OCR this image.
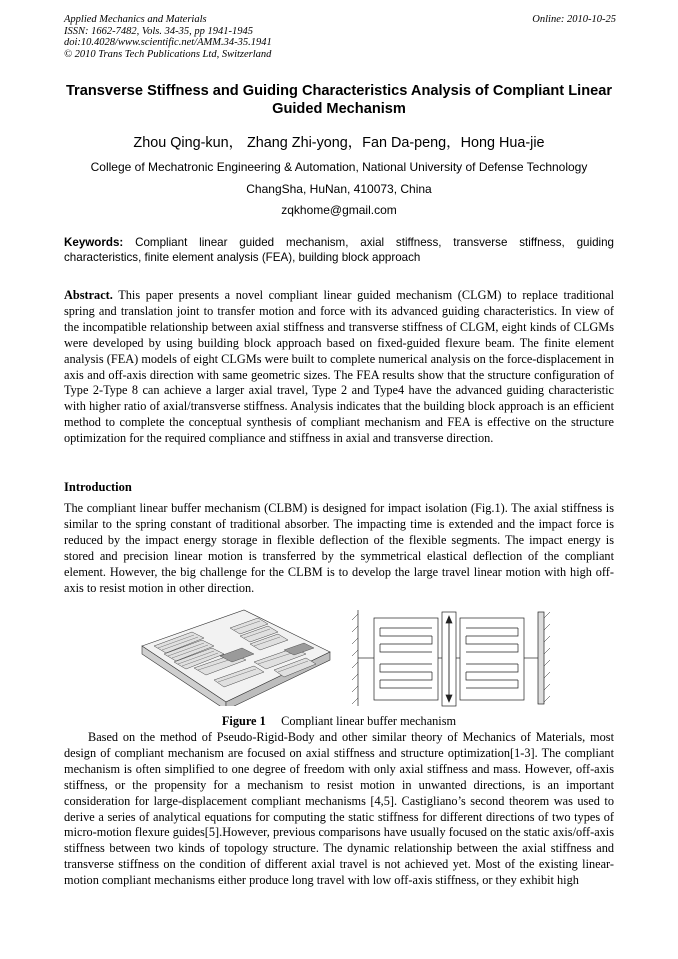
Applied Mechanics and Materials
ISSN: 1662-7482, Vols. 34-35, pp 1941-1945
doi:10.4028/www.scientific.net/AMM.34-35.1941
© 2010 Trans Tech Publications Ltd, Switzerland
Online: 2010-10-25
Transverse Stiffness and Guiding Characteristics Analysis of Compliant Linear Guided Mechanism
Zhou Qing-kun， Zhang Zhi-yong，Fan Da-peng，Hong Hua-jie
College of Mechatronic Engineering & Automation, National University of Defense Technology
ChangSha, HuNan, 410073, China
zqkhome@gmail.com
Keywords: Compliant linear guided mechanism, axial stiffness, transverse stiffness, guiding characteristics, finite element analysis (FEA), building block approach
Abstract. This paper presents a novel compliant linear guided mechanism (CLGM) to replace traditional spring and translation joint to transfer motion and force with its advanced guiding characteristics. In view of the incompatible relationship between axial stiffness and transverse stiffness of CLGM, eight kinds of CLGMs were developed by using building block approach based on fixed-guided flexure beam. The finite element analysis (FEA) models of eight CLGMs were built to complete numerical analysis on the force-displacement in axis and off-axis direction with same geometric sizes. The FEA results show that the structure configuration of Type 2-Type 8 can achieve a larger axial travel, Type 2 and Type4 have the advanced guiding characteristic with higher ratio of axial/transverse stiffness. Analysis indicates that the building block approach is an efficient method to complete the conceptual synthesis of compliant mechanism and FEA is effective on the structure optimization for the required compliance and stiffness in axial and transverse direction.
Introduction
The compliant linear buffer mechanism (CLBM) is designed for impact isolation (Fig.1). The axial stiffness is similar to the spring constant of traditional absorber. The impacting time is extended and the impact force is reduced by the impact energy storage in flexible deflection of the flexible segments. The impact energy is stored and precision linear motion is transferred by the symmetrical elastical deflection of the compliant element. However, the big challenge for the CLBM is to develop the large travel linear motion with high off-axis to resist motion in other direction.
Figure 1     Compliant linear buffer mechanism
Based on the method of Pseudo-Rigid-Body and other similar theory of Mechanics of Materials, most design of compliant mechanism are focused on axial stiffness and structure optimization[1-3]. The compliant mechanism is often simplified to one degree of freedom with only axial stiffness and mass. However, off-axis stiffness, or the propensity for a mechanism to resist motion in unwanted directions, is an important consideration for large-displacement compliant mechanisms [4,5]. Castigliano’s second theorem was used to derive a series of analytical equations for computing the static stiffness for different directions of two types of micro-motion flexure guides[5].However, previous comparisons have usually focused on the static axis/off-axis stiffness between two kinds of topology structure. The dynamic relationship between the axial stiffness and transverse stiffness on the condition of different axial travel is not achieved yet. Most of the existing linear-motion compliant mechanisms either produce long travel with low off-axis stiffness, or they exhibit high
